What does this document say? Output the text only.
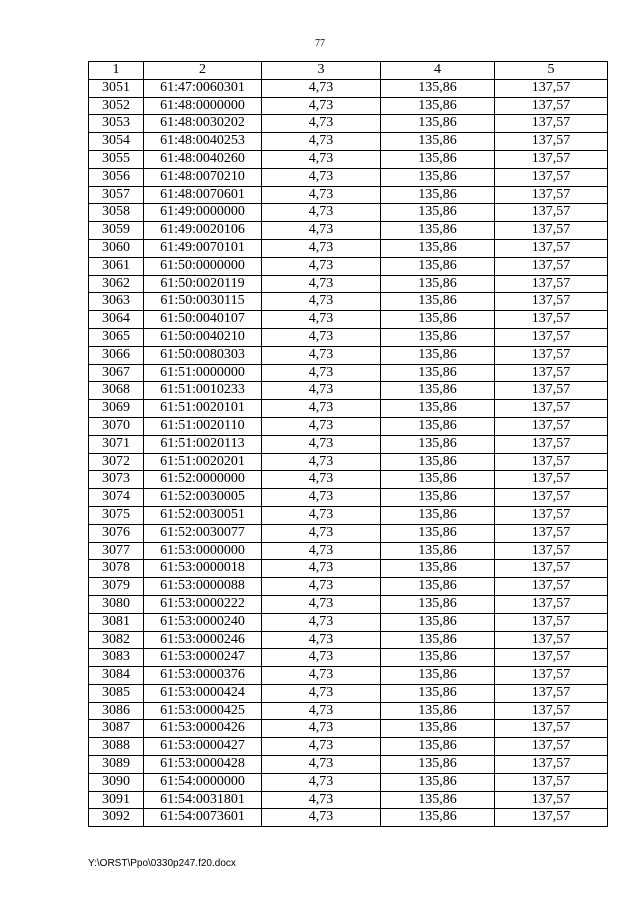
77
1	2	3	4	5
3051	61:47:0060301	4,73	135,86	137,57
3052	61:48:0000000	4,73	135,86	137,57
3053	61:48:0030202	4,73	135,86	137,57
3054	61:48:0040253	4,73	135,86	137,57
3055	61:48:0040260	4,73	135,86	137,57
3056	61:48:0070210	4,73	135,86	137,57
3057	61:48:0070601	4,73	135,86	137,57
3058	61:49:0000000	4,73	135,86	137,57
3059	61:49:0020106	4,73	135,86	137,57
3060	61:49:0070101	4,73	135,86	137,57
3061	61:50:0000000	4,73	135,86	137,57
3062	61:50:0020119	4,73	135,86	137,57
3063	61:50:0030115	4,73	135,86	137,57
3064	61:50:0040107	4,73	135,86	137,57
3065	61:50:0040210	4,73	135,86	137,57
3066	61:50:0080303	4,73	135,86	137,57
3067	61:51:0000000	4,73	135,86	137,57
3068	61:51:0010233	4,73	135,86	137,57
3069	61:51:0020101	4,73	135,86	137,57
3070	61:51:0020110	4,73	135,86	137,57
3071	61:51:0020113	4,73	135,86	137,57
3072	61:51:0020201	4,73	135,86	137,57
3073	61:52:0000000	4,73	135,86	137,57
3074	61:52:0030005	4,73	135,86	137,57
3075	61:52:0030051	4,73	135,86	137,57
3076	61:52:0030077	4,73	135,86	137,57
3077	61:53:0000000	4,73	135,86	137,57
3078	61:53:0000018	4,73	135,86	137,57
3079	61:53:0000088	4,73	135,86	137,57
3080	61:53:0000222	4,73	135,86	137,57
3081	61:53:0000240	4,73	135,86	137,57
3082	61:53:0000246	4,73	135,86	137,57
3083	61:53:0000247	4,73	135,86	137,57
3084	61:53:0000376	4,73	135,86	137,57
3085	61:53:0000424	4,73	135,86	137,57
3086	61:53:0000425	4,73	135,86	137,57
3087	61:53:0000426	4,73	135,86	137,57
3088	61:53:0000427	4,73	135,86	137,57
3089	61:53:0000428	4,73	135,86	137,57
3090	61:54:0000000	4,73	135,86	137,57
3091	61:54:0031801	4,73	135,86	137,57
3092	61:54:0073601	4,73	135,86	137,57
Y:\ORST\Ppo\0330p247.f20.docx
